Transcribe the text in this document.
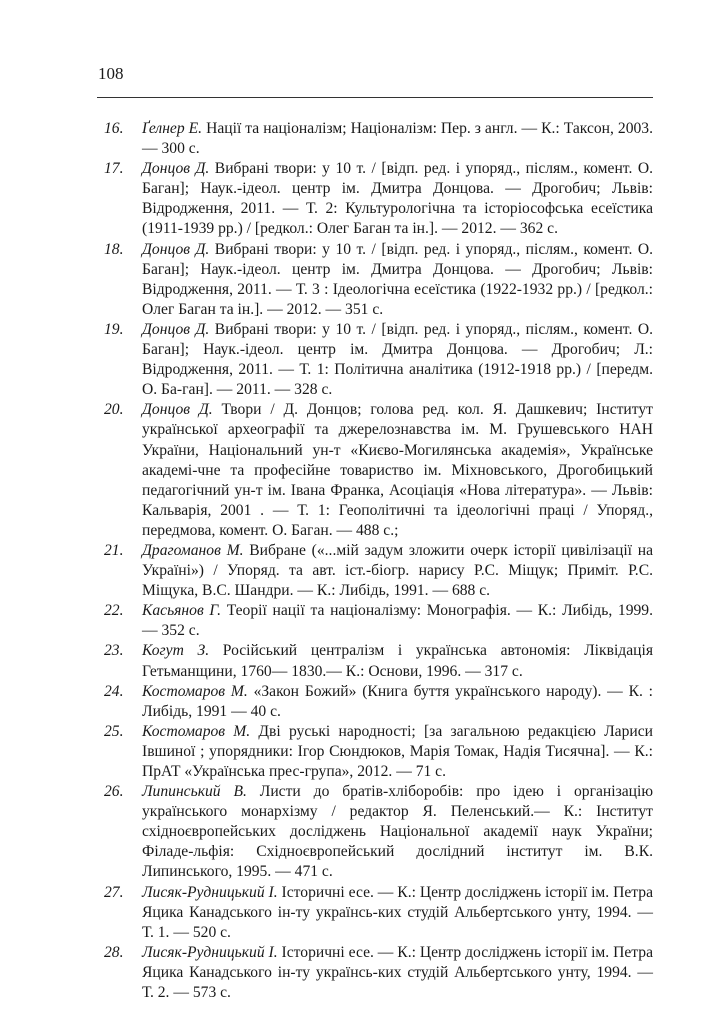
108
16.	Ґелнер Е. Нації та націоналізм; Націоналізм: Пер. з англ. — К.: Таксон, 2003. — 300 с.
17.	Донцов Д. Вибрані твори: у 10 т. / [відп. ред. і упоряд., післям., комент. О. Баган]; Наук.-ідеол. центр ім. Дмитра Донцова. — Дрогобич; Львів: Відродження, 2011. — Т. 2: Культурологічна та історіософська есеїстика (1911-1939 рр.) / [редкол.: Олег Баган та ін.]. — 2012. — 362 с.
18.	Донцов Д. Вибрані твори: у 10 т. / [відп. ред. і упоряд., післям., комент. О. Баган]; Наук.-ідеол. центр ім. Дмитра Донцова. — Дрогобич; Львів: Відродження, 2011. — Т. 3 : Ідеологічна есеїстика (1922-1932 рр.) / [редкол.: Олег Баган та ін.]. — 2012. — 351 с.
19.	Донцов Д. Вибрані твори: у 10 т. / [відп. ред. і упоряд., післям., комент. О. Баган]; Наук.-ідеол. центр ім. Дмитра Донцова. — Дрогобич; Л.: Відродження, 2011. — Т. 1: Політична аналітика (1912-1918 рр.) / [передм. О. Ба-ган]. — 2011. — 328 с.
20.	Донцов Д. Твори / Д. Донцов; голова ред. кол. Я. Дашкевич; Інститут української археографії та джерелознавства ім. М. Грушевського НАН України, Національний ун-т «Києво-Могилянська академія», Українське академі-чне та професійне товариство ім. Міхновського, Дрогобицький педагогічний ун-т ім. Івана Франка, Асоціація «Нова література». — Львів: Кальварія, 2001 . — Т. 1: Геополітичні та ідеологічні праці / Упоряд., передмова, комент. О. Баган. — 488 с.;
21.	Драгоманов М. Вибране («...мій задум зложити очерк історії цивілізації на Україні») / Упоряд. та авт. іст.-біогр. нарису Р.С. Міщук; Приміт. Р.С. Міщука, В.С. Шандри. — К.: Либідь, 1991. — 688 с.
22.	Касьянов Г. Теорії нації та націоналізму: Монографія. — К.: Либідь, 1999. — 352 с.
23.	Когут З. Російський централізм і українська автономія: Ліквідація Гетьманщини, 1760— 1830.— К.: Основи, 1996. — 317 с.
24.	Костомаров М. «Закон Божий» (Книга буття українського народу). — К. : Либідь, 1991 — 40 с.
25.	Костомаров М. Дві руські народності; [за загальною редакцією Лариси Івшиної ; упорядники: Ігор Сюндюков, Марія Томак, Надія Тисячна]. — К.: ПрАТ «Українська прес-група», 2012. — 71 с.
26.	Липинський В. Листи до братів-хліборобів: про ідею і організацію українського монархізму / редактор Я. Пеленський.— К.: Інститут східноєвропейських досліджень Національної академії наук України; Філаде-льфія: Східноєвропейський дослідний інститут ім. В.К. Липинського, 1995. — 471 с.
27.	Лисяк-Рудницький І. Історичні есе. — К.: Центр досліджень історії ім. Петра Яцика Канадського ін-ту українсь-ких студій Альбертського унту, 1994. — Т. 1. — 520 с.
28.	Лисяк-Рудницький І. Історичні есе. — К.: Центр досліджень історії ім. Петра Яцика Канадського ін-ту українсь-ких студій Альбертського унту, 1994. — Т. 2. — 573 с.
